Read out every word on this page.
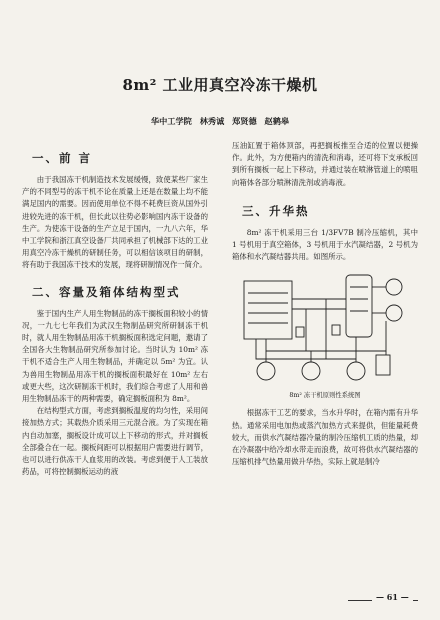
8m² 工业用真空冷冻干燥机
华中工学院 林秀诚 郑贤德 赵鹤皋
一、前 言

由于我国冻干机制造技术发展缓慢，致使某些厂家生产的不同型号的冻干机不论在质量上还是在数量上均不能满足国内的需要。因而使用单位不得不耗费巨资从国外引进较先进的冻干机，但长此以往势必影响国内冻干设备的生产。为使冻干设备的生产立足于国内，一九八六年，华中工学院和浙江真空设备厂共同承担了机械部下达的工业用真空冷冻干燥机的研制任务，可以相信该项目的研制，将有助于我国冻干技术的发展，现将研制情况作一简介。

二、容量及箱体结构型式

鉴于国内生产人用生物制品的冻干搁板面积较小的情况，一九七七年我们为武汉生物制品研究所研制冻干机时，就人用生物制品用冻干机搁板面积选定问题，邀请了全国各大生物制品研究所参加讨论。当时认为 10m² 冻干机不适合生产人用生物制品，并确定以 5m² 为宜。认为兽用生物制品用冻干机的搁板面积最好在 10m² 左右或更大些，这次研制冻干机时，我们综合考虑了人用和兽用生物制品冻干的两种需要，确定搁板面积为 8m²。

在结构型式方面，考虑到搁板温度的均匀性，采用间接加热方式；其载热介质采用三元混合液。为了实现在箱内自动加塞，搁板设计成可以上下移动的形式，并对搁板全部叠合在一起。搁板间距可以根据用户需要进行调节，也可以进行供冻干人血浆用的改装。考虑到便于人工装放药品，可将控制搁板运动的液

压油缸置于箱体顶部，再把搁板推至合适的位置以便操作。此外，为方便箱内的清洗和消毒，还可将下支承板回到所有搁板一起上下移动，并通过装在喷淋管道上的喷咀向箱体各部分喷淋清洗剂或消毒液。

三、升华热

8m² 冻干机采用三台 1/3FV7B 制冷压缩机，其中 1 号机用于真空箱体，3 号机用于水汽凝结器，2 号机为箱体和水汽凝结器共用。如图所示。

8m² 冻干机原则性系统图

根据冻干工艺的要求，当水升华时，在箱内需有升华热。通常采用电加热或蒸汽加热方式来提供，但能量耗费较大，而供水汽凝结器冷量的制冷压缩机工质的热量，却在冷凝器中给冷却水带走而浪费，故可将供水汽凝结器的压缩机排气热量用做升华热，实际上就是制冷

— 61 —
